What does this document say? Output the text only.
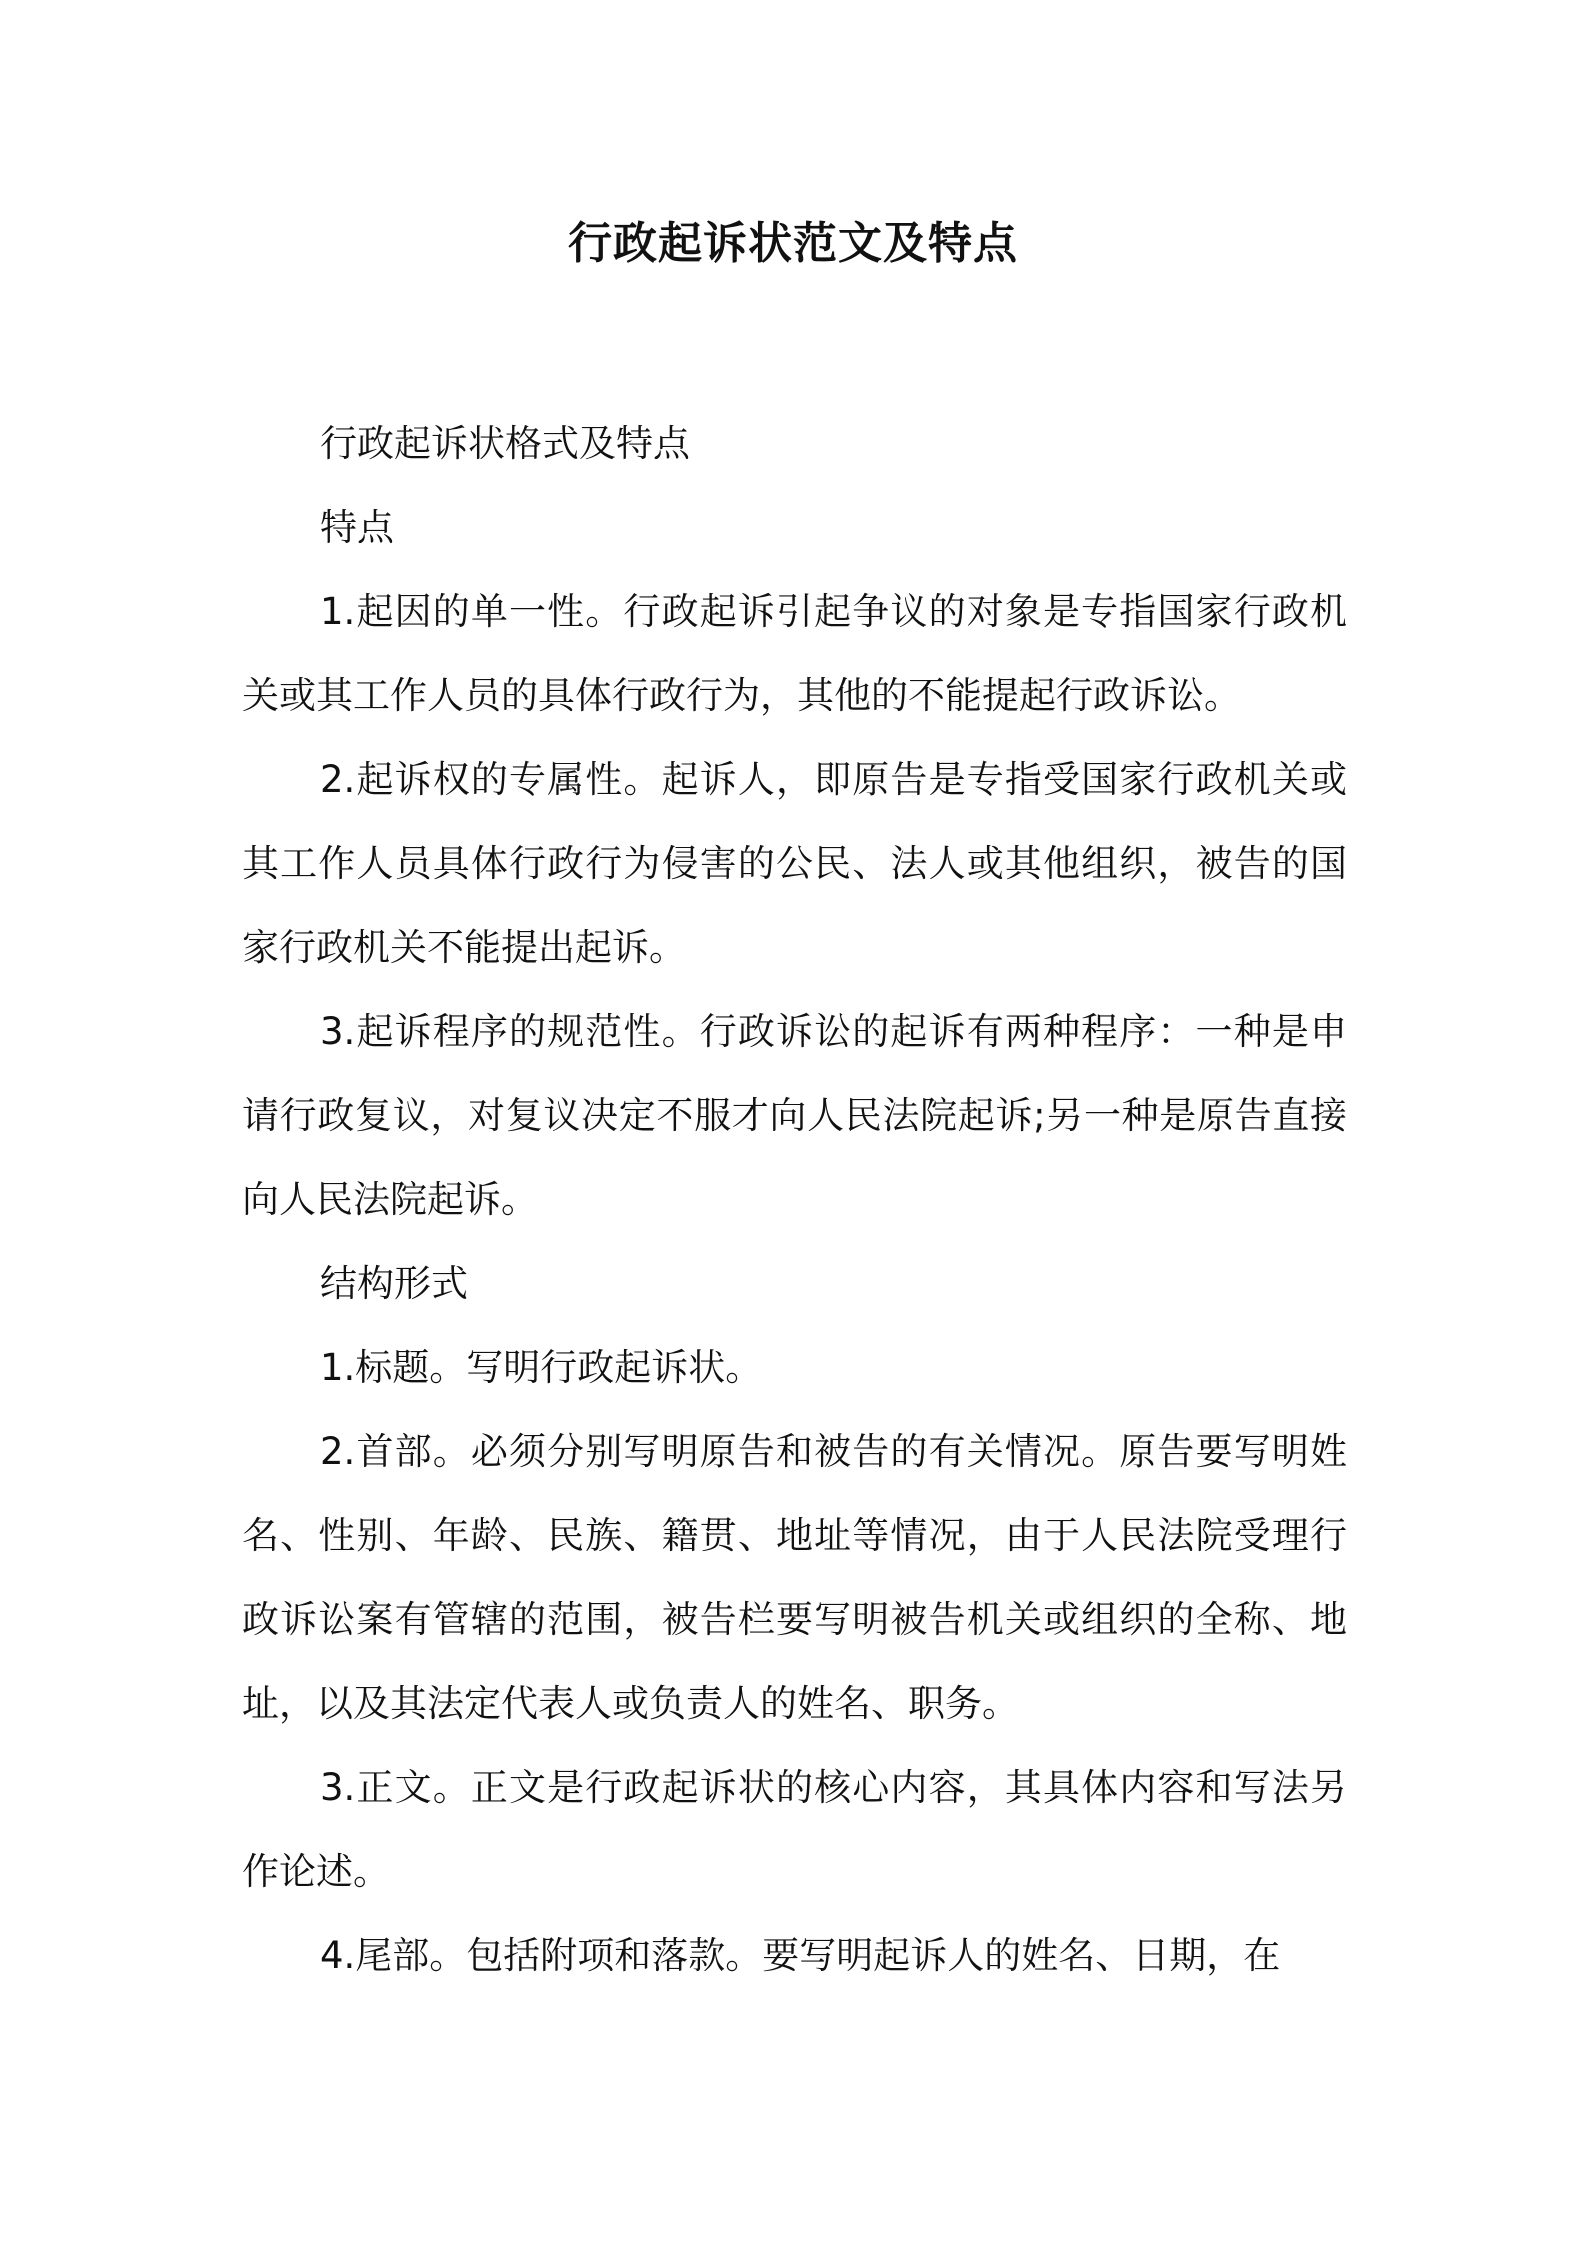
行政起诉状范文及特点

行政起诉状格式及特点

特点

1.起因的单一性。行政起诉引起争议的对象是专指国家行政机关或其工作人员的具体行政行为，其他的不能提起行政诉讼。

2.起诉权的专属性。起诉人，即原告是专指受国家行政机关或其工作人员具体行政行为侵害的公民、法人或其他组织，被告的国家行政机关不能提出起诉。

3.起诉程序的规范性。行政诉讼的起诉有两种程序：一种是申请行政复议，对复议决定不服才向人民法院起诉;另一种是原告直接向人民法院起诉。

结构形式

1.标题。写明行政起诉状。

2.首部。必须分别写明原告和被告的有关情况。原告要写明姓名、性别、年龄、民族、籍贯、地址等情况，由于人民法院受理行政诉讼案有管辖的范围，被告栏要写明被告机关或组织的全称、地址，以及其法定代表人或负责人的姓名、职务。

3.正文。正文是行政起诉状的核心内容，其具体内容和写法另作论述。

4.尾部。包括附项和落款。要写明起诉人的姓名、日期，在
